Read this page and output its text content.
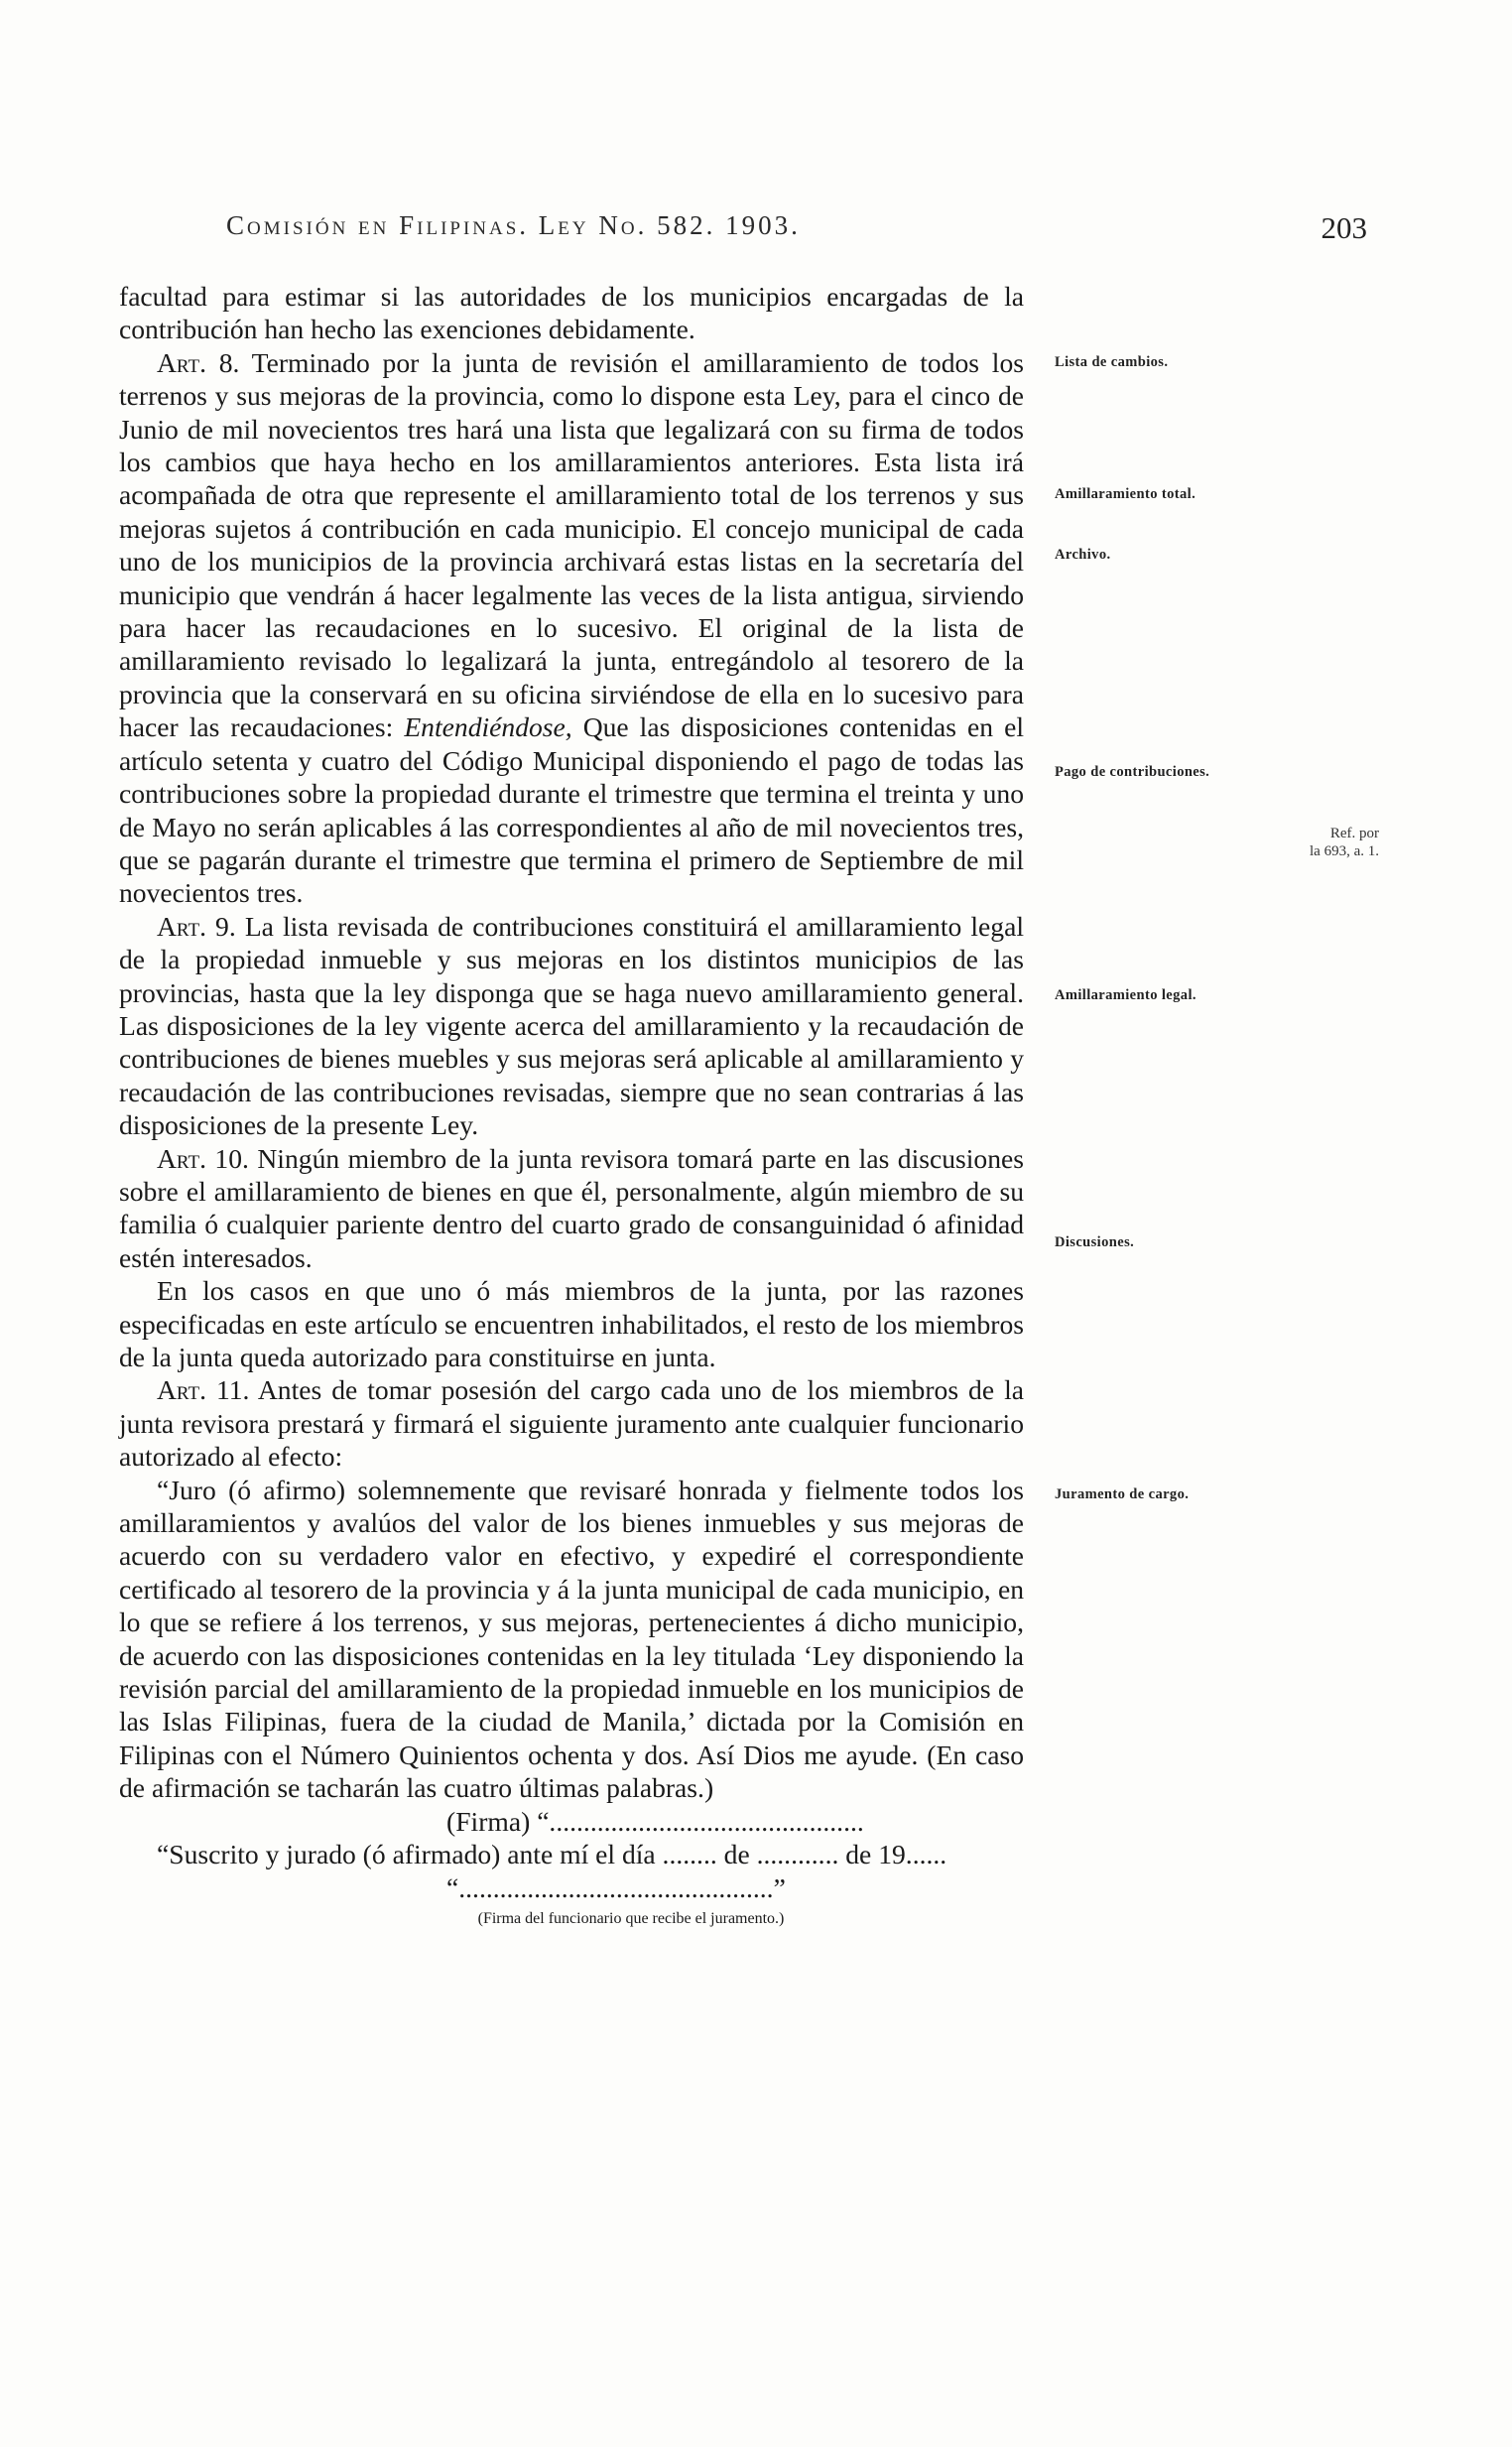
Comisión en Filipinas. Ley No. 582. 1903.	203

facultad para estimar si las autoridades de los municipios encargadas de la contribución han hecho las exenciones debidamente.

Art. 8. Terminado por la junta de revisión el amillaramiento de todos los terrenos y sus mejoras de la provincia, como lo dispone esta Ley, para el cinco de Junio de mil novecientos tres hará una lista que legalizará con su firma de todos los cambios que haya hecho en los amillaramientos anteriores. Esta lista irá acompañada de otra que represente el amillaramiento total de los terrenos y sus mejoras sujetos á contribución en cada municipio. El concejo municipal de cada uno de los municipios de la provincia archivará estas listas en la secretaría del municipio que vendrán á hacer legalmente las veces de la lista antigua, sirviendo para hacer las recaudaciones en lo sucesivo. El original de la lista de amillaramiento revisado lo legalizará la junta, entregándolo al tesorero de la provincia que la conservará en su oficina sirviéndose de ella en lo sucesivo para hacer las recaudaciones: Entendiéndose, Que las disposiciones contenidas en el artículo setenta y cuatro del Código Municipal disponiendo el pago de todas las contribuciones sobre la propiedad durante el trimestre que termina el treinta y uno de Mayo no serán aplicables á las correspondientes al año de mil novecientos tres, que se pagarán durante el trimestre que termina el primero de Septiembre de mil novecientos tres.

Art. 9. La lista revisada de contribuciones constituirá el amillaramiento legal de la propiedad inmueble y sus mejoras en los distintos municipios de las provincias, hasta que la ley disponga que se haga nuevo amillaramiento general. Las disposiciones de la ley vigente acerca del amillaramiento y la recaudación de contribuciones de bienes muebles y sus mejoras será aplicable al amillaramiento y recaudación de las contribuciones revisadas, siempre que no sean contrarias á las disposiciones de la presente Ley.

Art. 10. Ningún miembro de la junta revisora tomará parte en las discusiones sobre el amillaramiento de bienes en que él, personalmente, algún miembro de su familia ó cualquier pariente dentro del cuarto grado de consanguinidad ó afinidad estén interesados.

En los casos en que uno ó más miembros de la junta, por las razones especificadas en este artículo se encuentren inhabilitados, el resto de los miembros de la junta queda autorizado para constituirse en junta.

Art. 11. Antes de tomar posesión del cargo cada uno de los miembros de la junta revisora prestará y firmará el siguiente juramento ante cualquier funcionario autorizado al efecto:

“Juro (ó afirmo) solemnemente que revisaré honrada y fielmente todos los amillaramientos y avalúos del valor de los bienes inmuebles y sus mejoras de acuerdo con su verdadero valor en efectivo, y expediré el correspondiente certificado al tesorero de la provincia y á la junta municipal de cada municipio, en lo que se refiere á los terrenos, y sus mejoras, pertenecientes á dicho municipio, de acuerdo con las disposiciones contenidas en la ley titulada ‘Ley disponiendo la revisión parcial del amillaramiento de la propiedad inmueble en los municipios de las Islas Filipinas, fuera de la ciudad de Manila,’ dictada por la Comisión en Filipinas con el Número Quinientos ochenta y dos. Así Dios me ayude. (En caso de afirmación se tacharán las cuatro últimas palabras.)

(Firma) “..............................................

“Suscrito y jurado (ó afirmado) ante mí el día ........ de ............ de 19......

“..............................................”

(Firma del funcionario que recibe el juramento.)

Lista de cambios.
Amillaramiento total.
Archivo.
Pago de contribuciones.
Amillaramiento legal.
Discusiones.
Juramento de cargo.
Ref. por
la 693, a. 1.
